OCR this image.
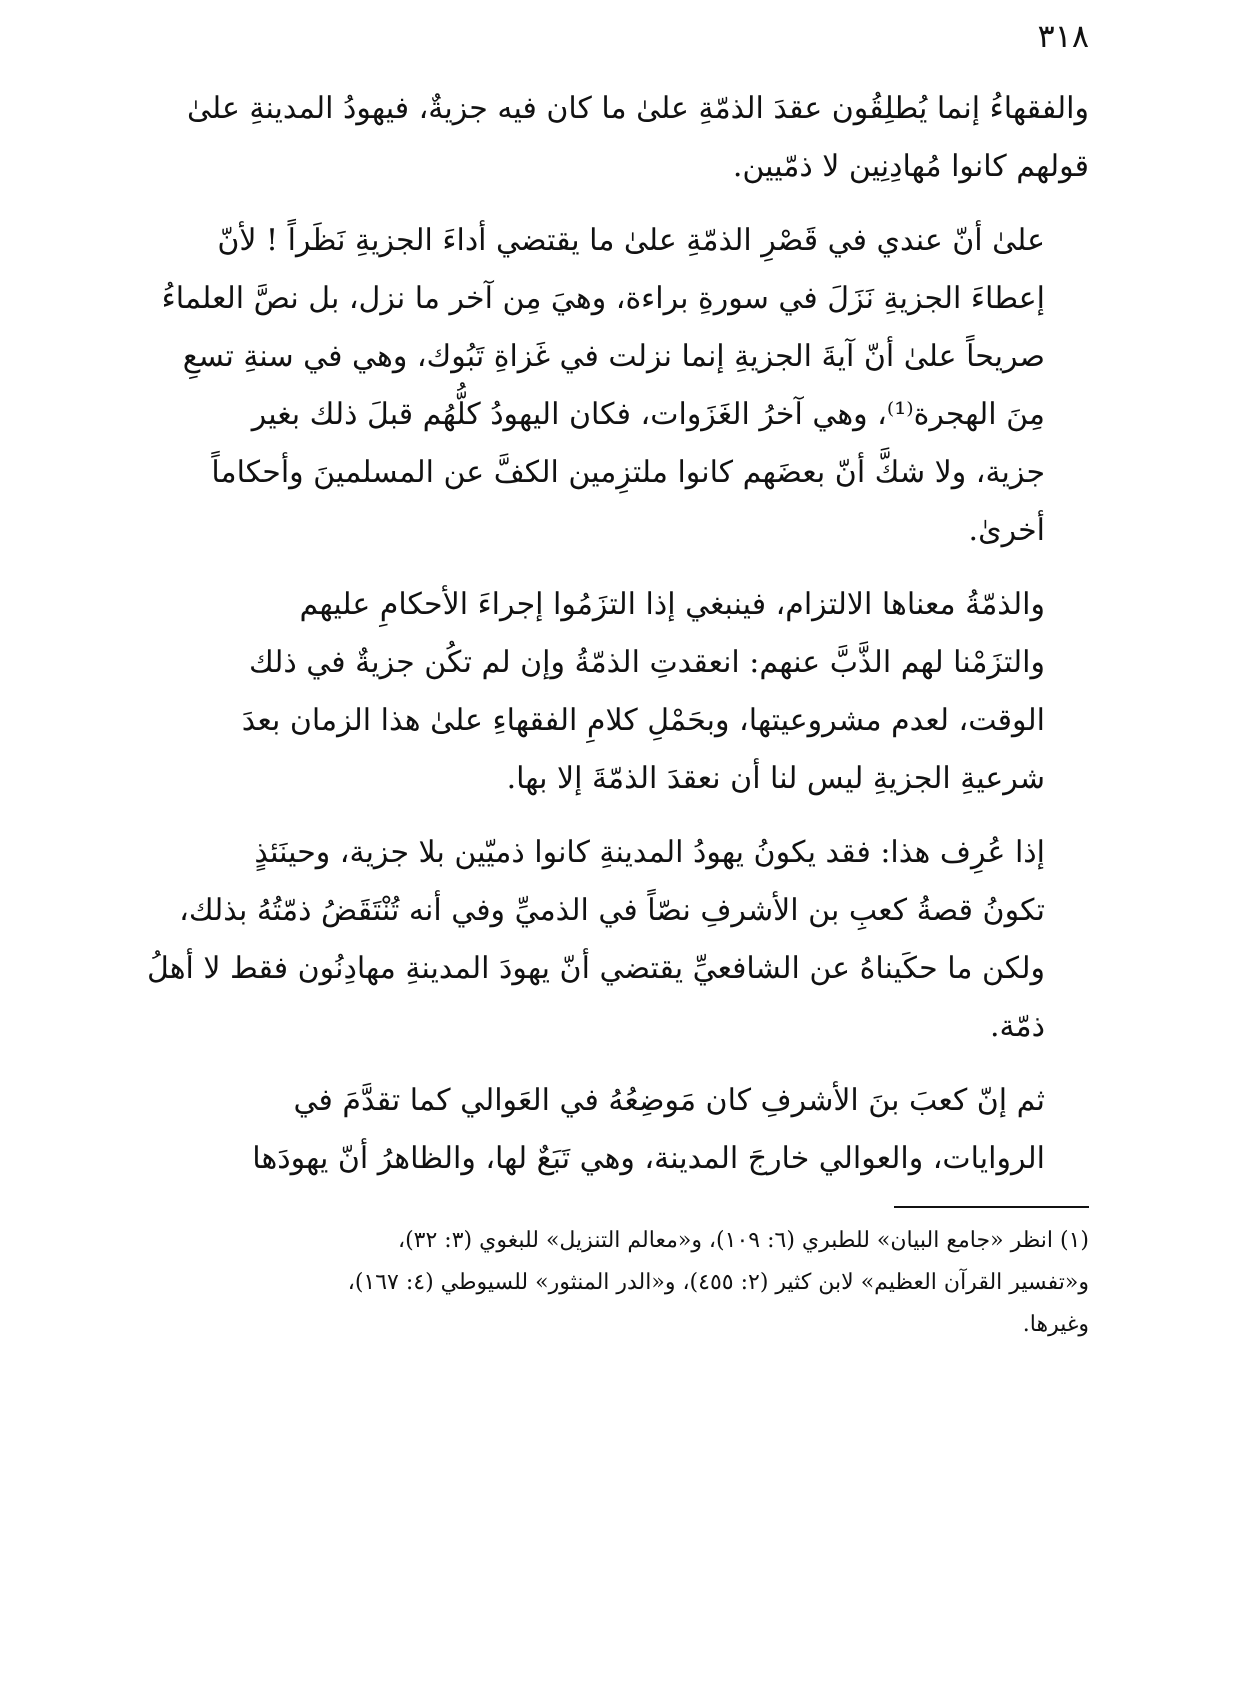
٣١٨

والفقهاءُ إنما يُطلِقُون عقدَ الذمّةِ علىٰ ما كان فيه جزيةٌ، فيهودُ المدينةِ علىٰ
قولهم كانوا مُهادِنِين لا ذمّيين.

علىٰ أنّ عندي في قَصْرِ الذمّةِ علىٰ ما يقتضي أداءَ الجزيةِ نَظَراً ! لأنّ
إعطاءَ الجزيةِ نَزَلَ في سورةِ براءة، وهيَ مِن آخر ما نزل، بل نصَّ العلماءُ
صريحاً علىٰ أنّ آيةَ الجزيةِ إنما نزلت في غَزاةِ تَبُوك، وهي في سنةِ تسعِ
مِنَ الهجرة⁽¹⁾، وهي آخرُ الغَزَوات، فكان اليهودُ كلُّهُم قبلَ ذلك بغير
جزية، ولا شكَّ أنّ بعضَهم كانوا ملتزِمين الكفَّ عن المسلمينَ وأحكاماً
أخرىٰ.

والذمّةُ معناها الالتزام، فينبغي إذا التزَمُوا إجراءَ الأحكامِ عليهم
والتزَمْنا لهم الذَّبَّ عنهم: انعقدتِ الذمّةُ وإن لم تكُن جزيةٌ في ذلك
الوقت، لعدم مشروعيتها، وبحَمْلِ كلامِ الفقهاءِ علىٰ هذا الزمان بعدَ
شرعيةِ الجزيةِ ليس لنا أن نعقدَ الذمّةَ إلا بها.

إذا عُرِف هذا: فقد يكونُ يهودُ المدينةِ كانوا ذميّين بلا جزية، وحينَئذٍ
تكونُ قصةُ كعبِ بن الأشرفِ نصّاً في الذميِّ وفي أنه تُنْتَقَضُ ذمّتُهُ بذلك،
ولكن ما حكَيناهُ عن الشافعيِّ يقتضي أنّ يهودَ المدينةِ مهادِنُون فقط لا أهلُ
ذمّة.

ثم إنّ كعبَ بنَ الأشرفِ كان مَوضِعُهُ في العَوالي كما تقدَّمَ في
الروايات، والعوالي خارجَ المدينة، وهي تَبَعٌ لها، والظاهرُ أنّ يهودَها

(١) انظر «جامع البيان» للطبري (٦: ١٠٩)، و«معالم التنزيل» للبغوي (٣: ٣٢)،
و«تفسير القرآن العظيم» لابن كثير (٢: ٤٥٥)، و«الدر المنثور» للسيوطي (٤: ١٦٧)،
وغيرها.
